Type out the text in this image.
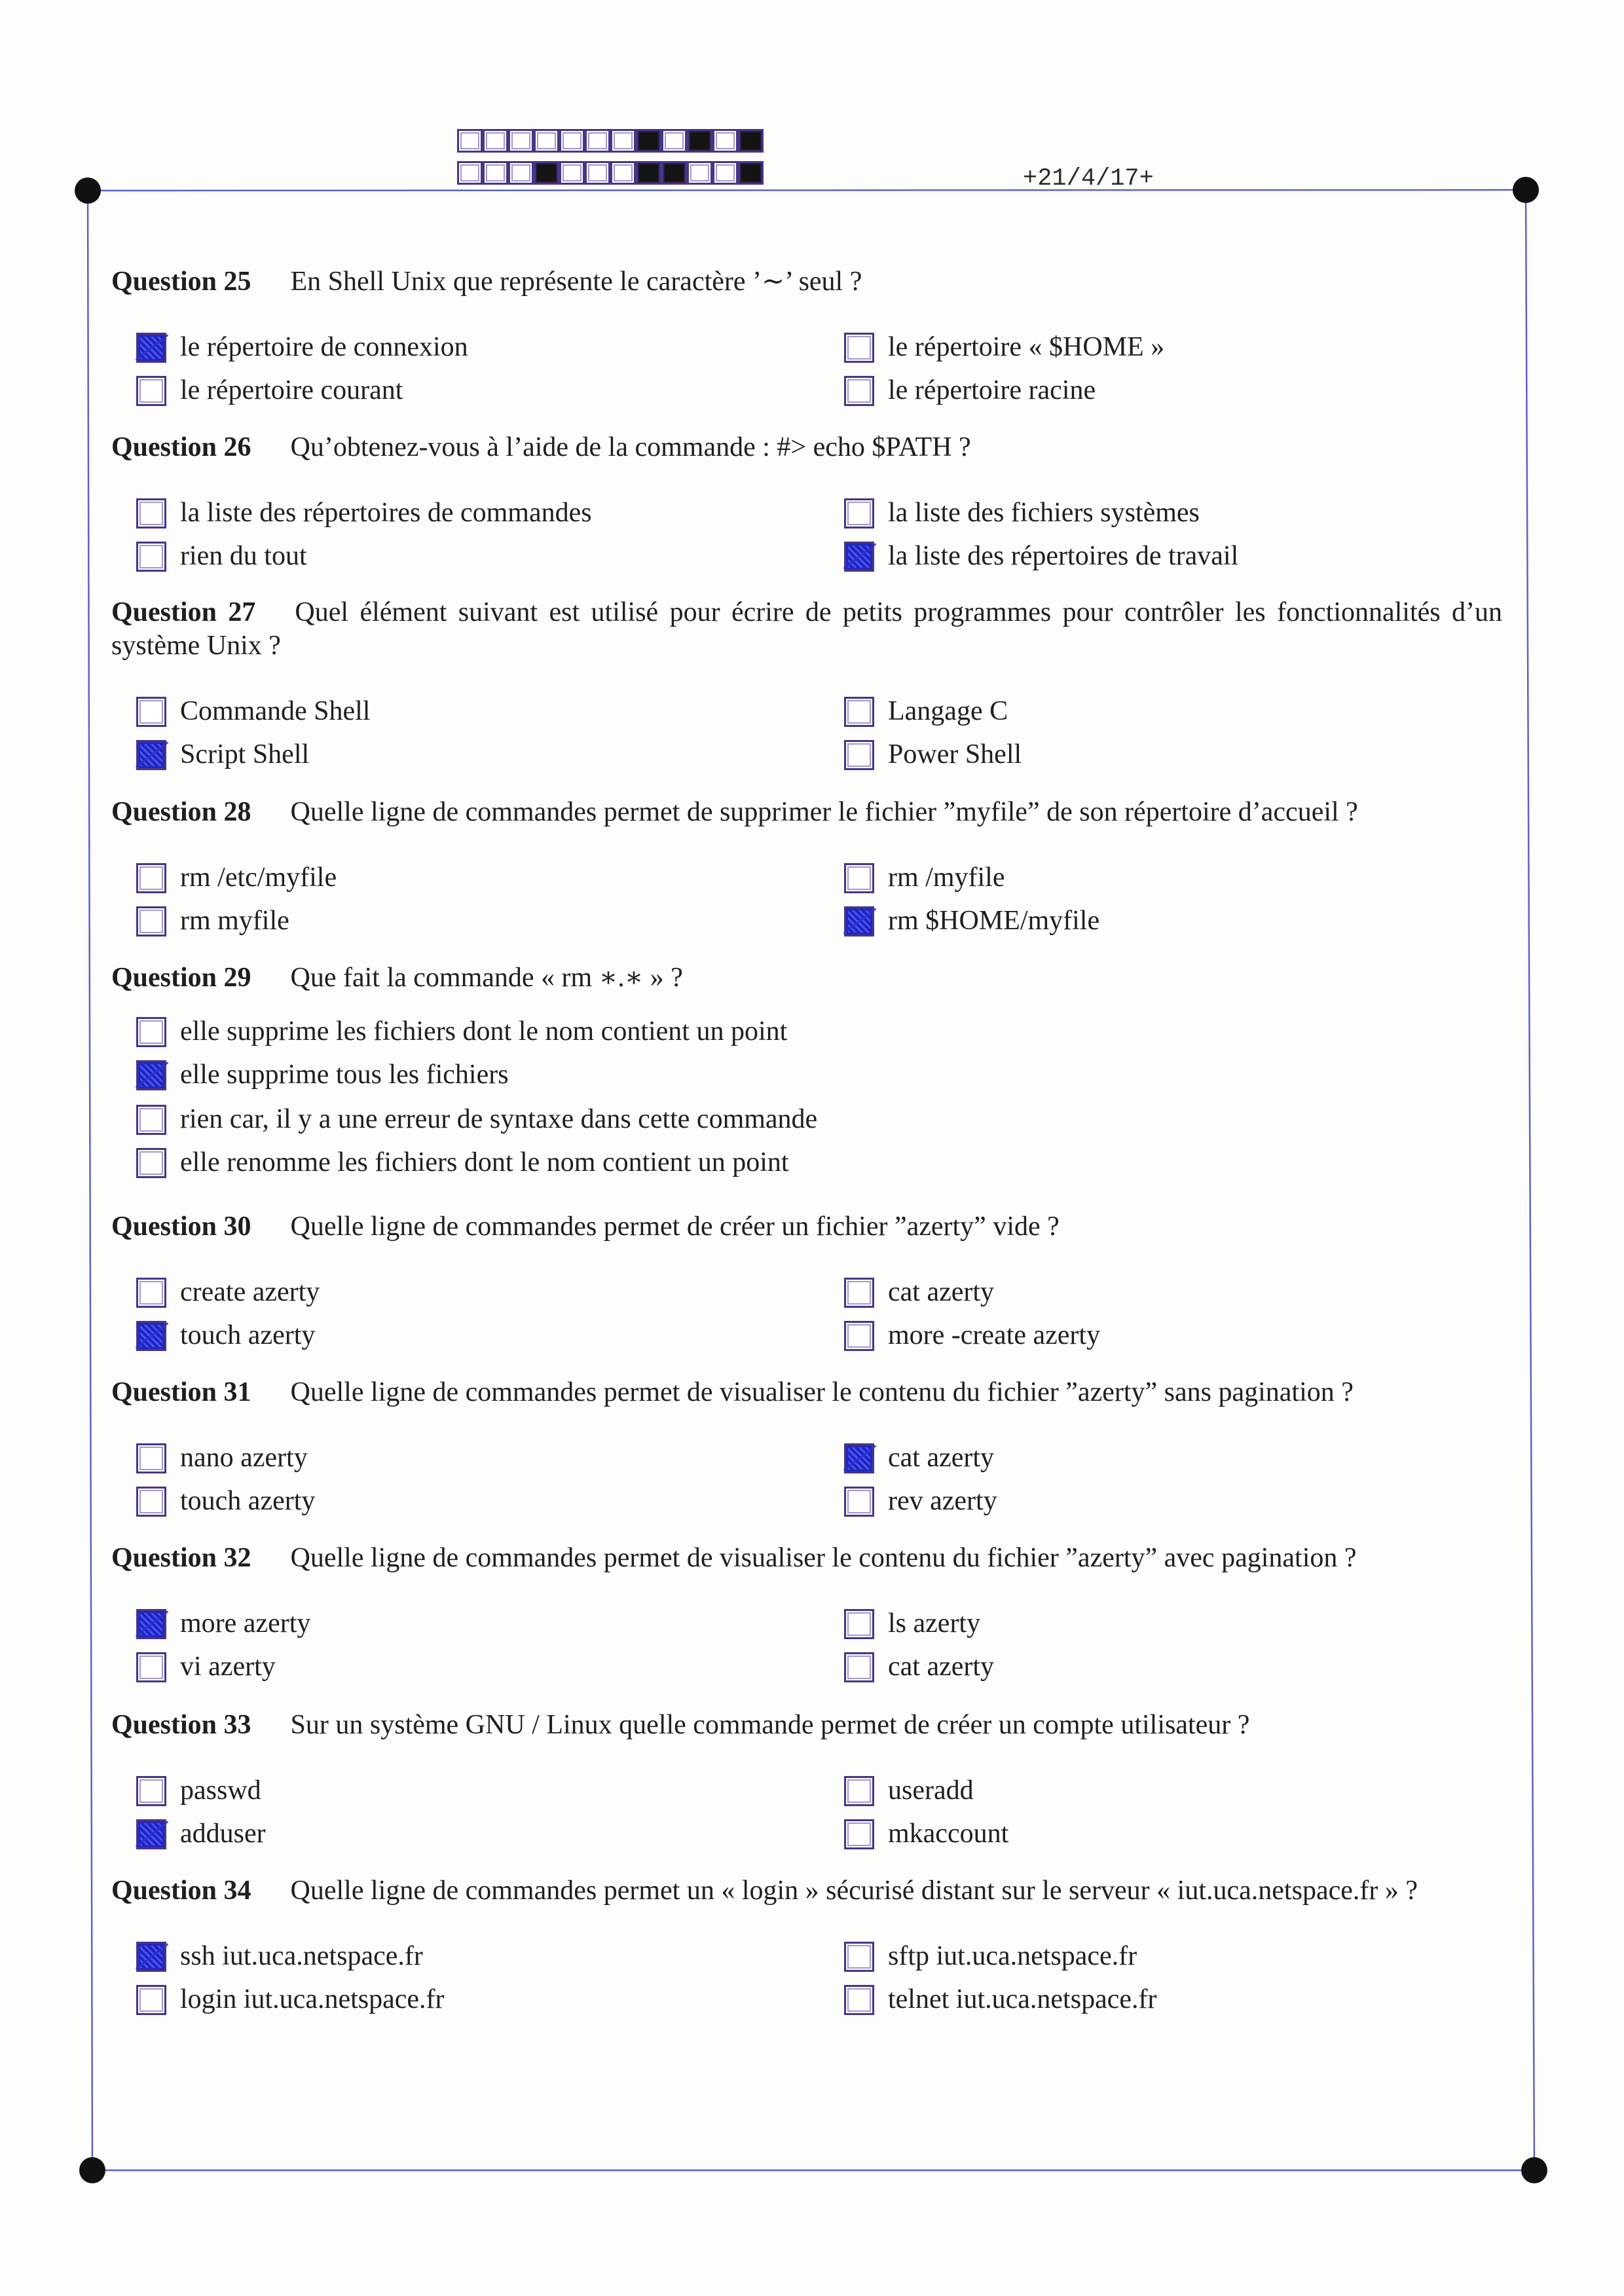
+21/4/17+
Question 25 En Shell Unix que représente le caractère ’∼’ seul ?
le répertoire de connexion
le répertoire courant
le répertoire « $HOME »
le répertoire racine
Question 26 Qu’obtenez-vous à l’aide de la commande : #> echo $PATH ?
la liste des répertoires de commandes
rien du tout
la liste des fichiers systèmes
la liste des répertoires de travail
Question 27 Quel élément suivant est utilisé pour écrire de petits programmes pour contrôler les fonctionnalités d’un système Unix ?
Commande Shell
Script Shell
Langage C
Power Shell
Question 28 Quelle ligne de commandes permet de supprimer le fichier ”myfile” de son répertoire d’accueil ?
rm /etc/myfile
rm myfile
rm /myfile
rm $HOME/myfile
Question 29 Que fait la commande « rm ∗.∗ » ?
elle supprime les fichiers dont le nom contient un point
elle supprime tous les fichiers
rien car, il y a une erreur de syntaxe dans cette commande
elle renomme les fichiers dont le nom contient un point
Question 30 Quelle ligne de commandes permet de créer un fichier ”azerty” vide ?
create azerty
touch azerty
cat azerty
more -create azerty
Question 31 Quelle ligne de commandes permet de visualiser le contenu du fichier ”azerty” sans pagination ?
nano azerty
touch azerty
cat azerty
rev azerty
Question 32 Quelle ligne de commandes permet de visualiser le contenu du fichier ”azerty” avec pagination ?
more azerty
vi azerty
ls azerty
cat azerty
Question 33 Sur un système GNU / Linux quelle commande permet de créer un compte utilisateur ?
passwd
adduser
useradd
mkaccount
Question 34 Quelle ligne de commandes permet un « login » sécurisé distant sur le serveur « iut.uca.netspace.fr » ?
ssh iut.uca.netspace.fr
login iut.uca.netspace.fr
sftp iut.uca.netspace.fr
telnet iut.uca.netspace.fr
